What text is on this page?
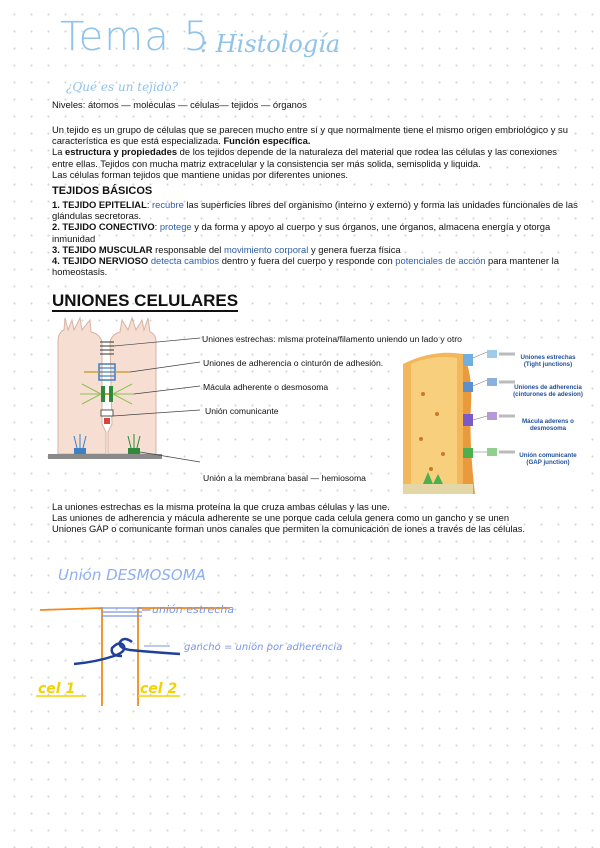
Tema 5
: Histología
¿Qué es un tejido?

Niveles: átomos — moléculas — células— tejidos — órganos

Un tejido es un grupo de células que se parecen mucho entre sí y que normalmente tiene el mismo origen embriológico y su característica es que está especializada. Función específica.

La estructura y propiedades de los tejidos depende de la naturaleza del material que rodea las células y las conexiones entre ellas. Tejidos con mucha matriz extracelular y la consistencia ser más solida, semisolida y liquida.

Las células forman tejidos que mantiene unidas por diferentes uniones.

TEJIDOS BÁSICOS

1. TEJIDO EPITELIAL: recubre las superficies libres del organismo (interno y externo) y forma las unidades funcionales de las glándulas secretoras.

2. TEJIDO CONECTIVO: protege y da forma y apoyo al cuerpo y sus órganos, une órganos, almacena energía y otorga inmunidad

3. TEJIDO MUSCULAR responsable del movimiento corporal y genera fuerza física

4. TEJIDO NERVIOSO detecta cambios dentro y fuera del cuerpo y responde con potenciales de acción para mantener la homeostasis.

UNIONES CELULARES
Uniones estrechas: misma proteína/filamento uniendo un lado y otro
Uniones de adherencia o cinturón de adhesión.
Mácula adherente o desmosoma
Unión comunicante
Unión a la membrana basal — hemiosoma
Uniones estrechas
(Tight junctions)
Uniones de adherencia
(cinturones de adesion)
Mácula aderens o
desmosoma
Unión comunicante
(GAP junction)

La uniones estrechas es la misma proteína la que cruza ambas células y las une.

Las uniones de adherencia y mácula adherente se une porque cada celula genera como un gancho y se unen

Uniones GAP o comunicante forman unos canales que permiten la comunicación de iones a través de las células.

Unión DESMOSOMA
unión estrecha
gancho = unión por adherencia
cel 1	cel 2
